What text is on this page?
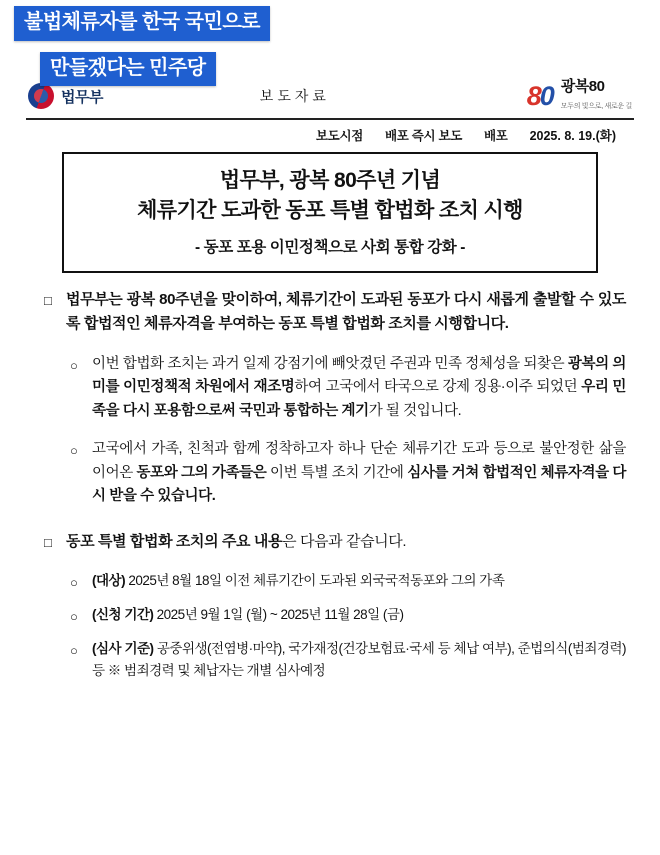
불법체류자를 한국 국민으로
만들겠다는 민주당
법무부	보도자료	80 광복80
모두의 빛으로, 새로운 길
보도시점 배포 즉시 보도 배포 2025. 8. 19.(화)
법무부, 광복 80주년 기념
체류기간 도과한 동포 특별 합법화 조치 시행
- 동포 포용 이민정책으로 사회 통합 강화 -
□ 법무부는 광복 80주년을 맞이하여, 체류기간이 도과된 동포가 다시 새롭게 출발할 수 있도록 합법적인 체류자격을 부여하는 동포 특별 합법화 조치를 시행합니다.
○ 이번 합법화 조치는 과거 일제 강점기에 빼앗겼던 주권과 민족 정체성을 되찾은 광복의 의미를 이민정책적 차원에서 재조명하여 고국에서 타국으로 강제 징용·이주 되었던 우리 민족을 다시 포용함으로써 국민과 통합하는 계기가 될 것입니다.
○ 고국에서 가족, 친척과 함께 정착하고자 하나 단순 체류기간 도과 등으로 불안정한 삶을 이어온 동포와 그의 가족들은 이번 특별 조치 기간에 심사를 거쳐 합법적인 체류자격을 다시 받을 수 있습니다.
□ 동포 특별 합법화 조치의 주요 내용은 다음과 같습니다.
○	(대상) 2025년 8월 18일 이전 체류기간이 도과된 외국국적동포와 그의 가족
○	(신청 기간) 2025년 9월 1일 (월) ~ 2025년 11월 28일 (금)
○	(심사 기준) 공중위생(전염병·마약), 국가재정(건강보험료·국세 등 체납 여부), 준법의식(범죄경력) 등 ※ 범죄경력 및 체납자는 개별 심사예정
